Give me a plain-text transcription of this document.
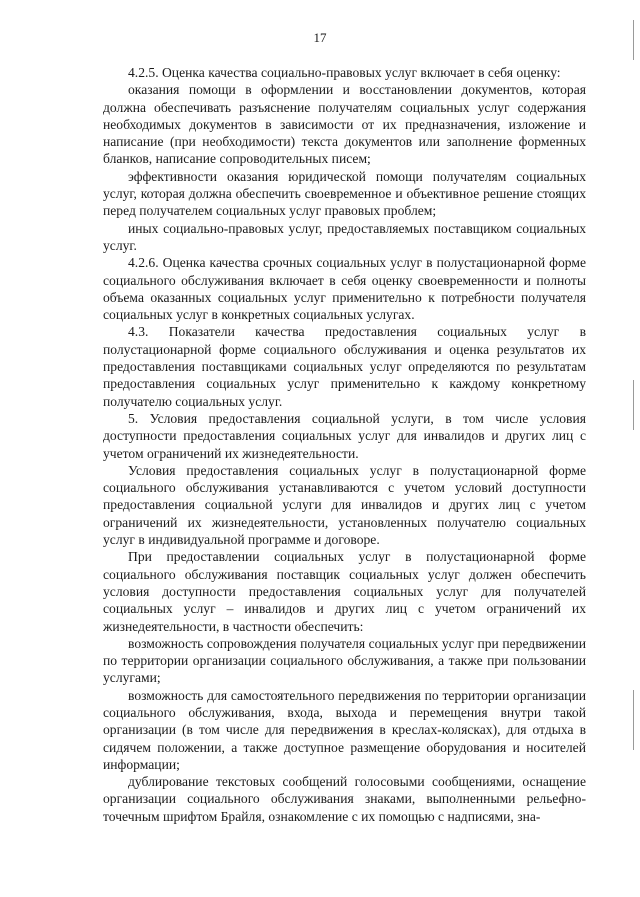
17

4.2.5. Оценка качества социально-правовых услуг включает в себя оценку:

оказания помощи в оформлении и восстановлении документов, которая должна обеспечивать разъяснение получателям социальных услуг содержания необходимых документов в зависимости от их предназначения, изложение и написание (при необходимости) текста документов или заполнение форменных бланков, написание сопроводительных писем;

эффективности оказания юридической помощи получателям социальных услуг, которая должна обеспечить своевременное и объективное решение стоящих перед получателем социальных услуг правовых проблем;

иных социально-правовых услуг, предоставляемых поставщиком социальных услуг.

4.2.6. Оценка качества срочных социальных услуг в полустационарной форме социального обслуживания включает в себя оценку своевременности и полноты объема оказанных социальных услуг применительно к потребности получателя социальных услуг в конкретных социальных услугах.

4.3. Показатели качества предоставления социальных услуг в полустационарной форме социального обслуживания и оценка результатов их предоставления поставщиками социальных услуг определяются по результатам предоставления социальных услуг применительно к каждому конкретному получателю социальных услуг.

5. Условия предоставления социальной услуги, в том числе условия доступности предоставления социальных услуг для инвалидов и других лиц с учетом ограничений их жизнедеятельности.

Условия предоставления социальных услуг в полустационарной форме социального обслуживания устанавливаются с учетом условий доступности предоставления социальной услуги для инвалидов и других лиц с учетом ограничений их жизнедеятельности, установленных получателю социальных услуг в индивидуальной программе и договоре.

При предоставлении социальных услуг в полустационарной форме социального обслуживания поставщик социальных услуг должен обеспечить условия доступности предоставления социальных услуг для получателей социальных услуг – инвалидов и других лиц с учетом ограничений их жизнедеятельности, в частности обеспечить:

возможность сопровождения получателя социальных услуг при передвижении по территории организации социального обслуживания, а также при пользовании услугами;

возможность для самостоятельного передвижения по территории организации социального обслуживания, входа, выхода и перемещения внутри такой организации (в том числе для передвижения в креслах-колясках), для отдыха в сидячем положении, а также доступное размещение оборудования и носителей информации;

дублирование текстовых сообщений голосовыми сообщениями, оснащение организации социального обслуживания знаками, выполненными рельефно-точечным шрифтом Брайля, ознакомление с их помощью с надписями, зна-
